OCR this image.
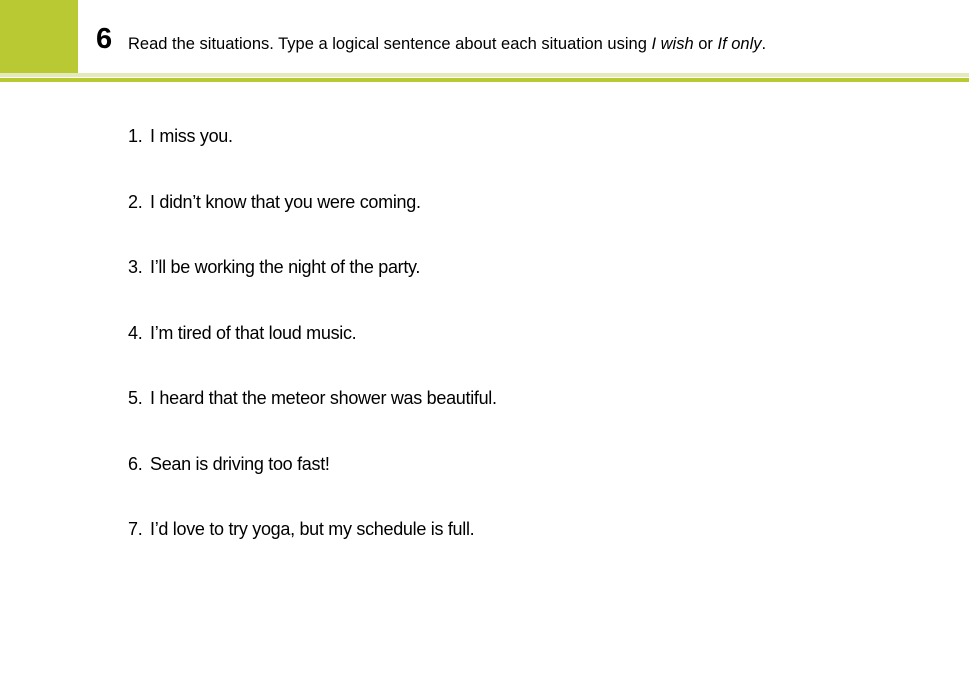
6 Read the situations. Type a logical sentence about each situation using I wish or If only.
1. I miss you.
2. I didn’t know that you were coming.
3. I’ll be working the night of the party.
4. I’m tired of that loud music.
5. I heard that the meteor shower was beautiful.
6. Sean is driving too fast!
7. I’d love to try yoga, but my schedule is full.
